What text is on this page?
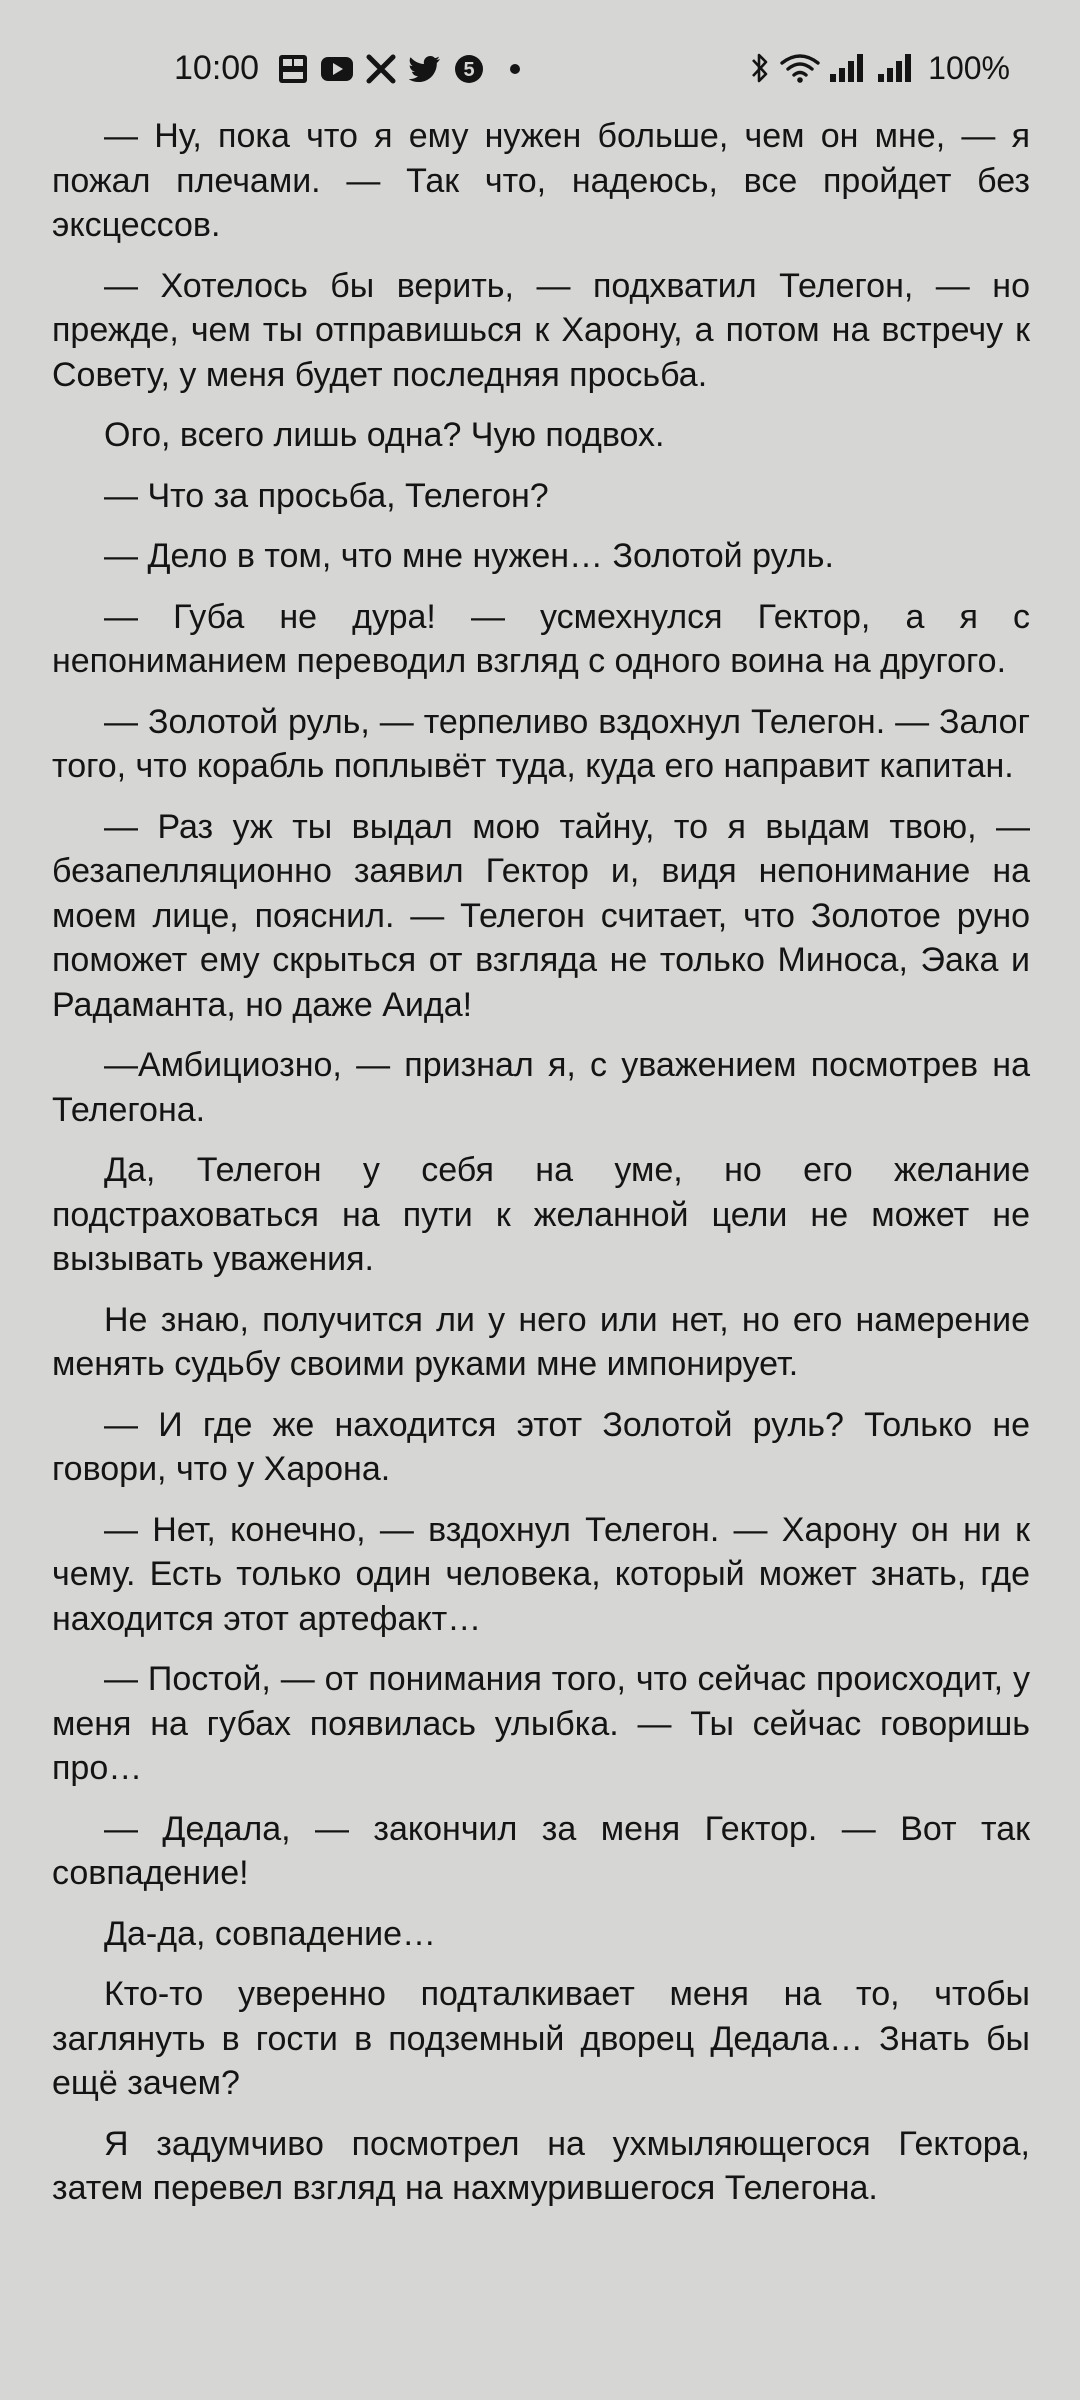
10:00	5	100%

— Ну, пока что я ему нужен больше, чем он мне, — я пожал плечами. — Так что, надеюсь, все пройдет без эксцессов.

— Хотелось бы верить, — подхватил Телегон, — но прежде, чем ты отправишься к Харону, а потом на встречу к Совету, у меня будет последняя просьба.

Ого, всего лишь одна? Чую подвох.

— Что за просьба, Телегон?

— Дело в том, что мне нужен… Золотой руль.

— Губа не дура! — усмехнулся Гектор, а я с непониманием переводил взгляд с одного воина на другого.

— Золотой руль, — терпеливо вздохнул Телегон. — Залог того, что корабль поплывёт туда, куда его направит капитан.

— Раз уж ты выдал мою тайну, то я выдам твою, — безапелляционно заявил Гектор и, видя непонимание на моем лице, пояснил. — Телегон считает, что Золотое руно поможет ему скрыться от взгляда не только Миноса, Эака и Радаманта, но даже Аида!

—Амбициозно, — признал я, с уважением посмотрев на Телегона.

Да, Телегон у себя на уме, но его желание подстраховаться на пути к желанной цели не может не вызывать уважения.

Не знаю, получится ли у него или нет, но его намерение менять судьбу своими руками мне импонирует.

— И где же находится этот Золотой руль? Только не говори, что у Харона.

— Нет, конечно, — вздохнул Телегон. — Харону он ни к чему. Есть только один человека, который может знать, где находится этот артефакт…

— Постой, — от понимания того, что сейчас происходит, у меня на губах появилась улыбка. — Ты сейчас говоришь про…

— Дедала, — закончил за меня Гектор. — Вот так совпадение!

Да-да, совпадение…

Кто-то уверенно подталкивает меня на то, чтобы заглянуть в гости в подземный дворец Дедала… Знать бы ещё зачем?

Я задумчиво посмотрел на ухмыляющегося Гектора, затем перевел взгляд на нахмурившегося Телегона.
